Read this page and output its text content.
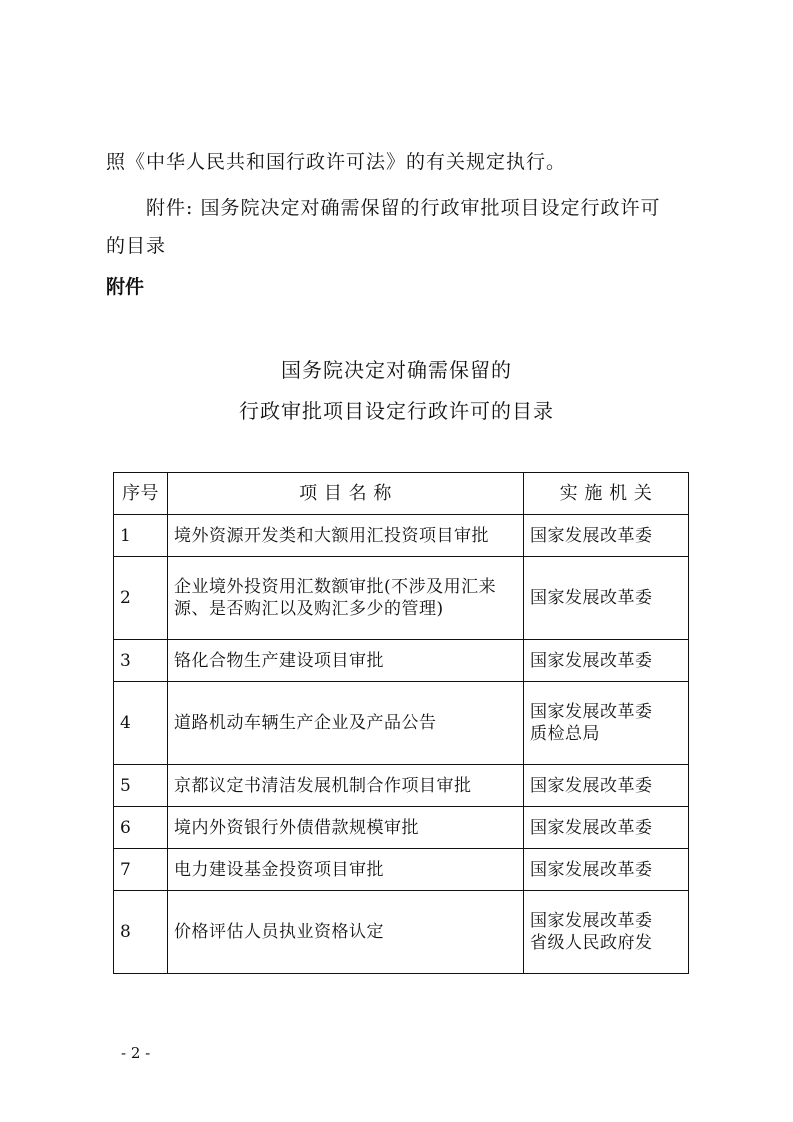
照《中华人民共和国行政许可法》的有关规定执行。
附件: 国务院决定对确需保留的行政审批项目设定行政许可
的目录
附件
国务院决定对确需保留的
行政审批项目设定行政许可的目录
序号	项 目 名 称	实 施 机 关
1	境外资源开发类和大额用汇投资项目审批	国家发展改革委
2	企业境外投资用汇数额审批(不涉及用汇来
源、是否购汇以及购汇多少的管理)	国家发展改革委
3	铬化合物生产建设项目审批	国家发展改革委
4	道路机动车辆生产企业及产品公告	国家发展改革委
质检总局

5	京都议定书清洁发展机制合作项目审批	国家发展改革委
6	境内外资银行外债借款规模审批	国家发展改革委
7	电力建设基金投资项目审批	国家发展改革委
8	价格评估人员执业资格认定	国家发展改革委
省级人民政府发
- 2 -
